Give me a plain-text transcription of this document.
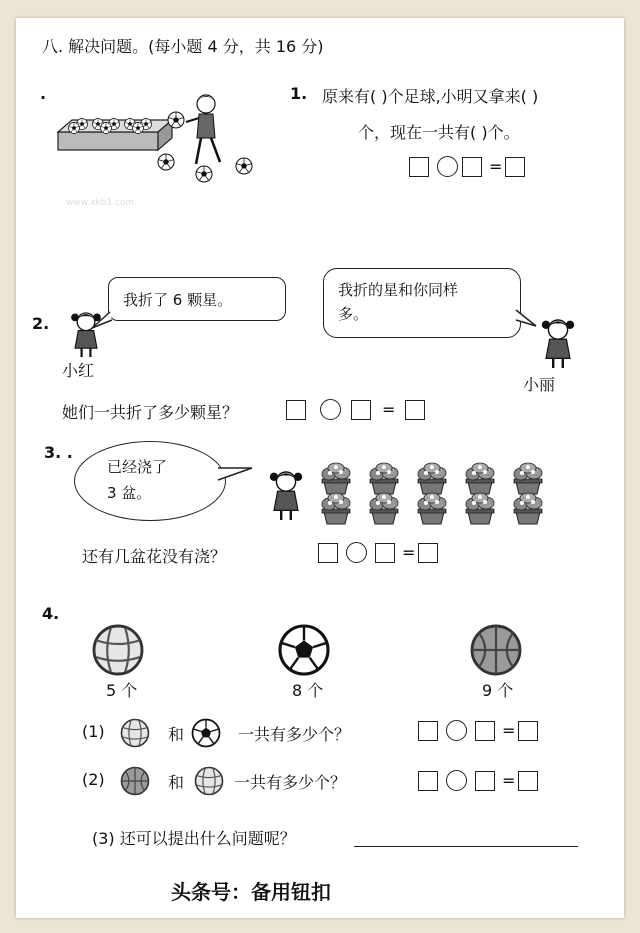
八. 解决问题。(每小题 4 分，共 16 分)
.
www.xkb1.com
1. 原来有( )个足球,小明又拿来( )
个，现在一共有( )个。
=
2.
小红
我折了 6 颗星。
我折的星和你同样
多。
小丽
她们一共折了多少颗星？	=
3. .
已经浇了
3 盆。
还有几盆花没有浇？	=
4.
5 个	8 个	9 个
(1)	和	一共有多少个？	=
(2)	和	一共有多少个？	=
(3) 还可以提出什么问题呢？
头条号：备用钮扣
